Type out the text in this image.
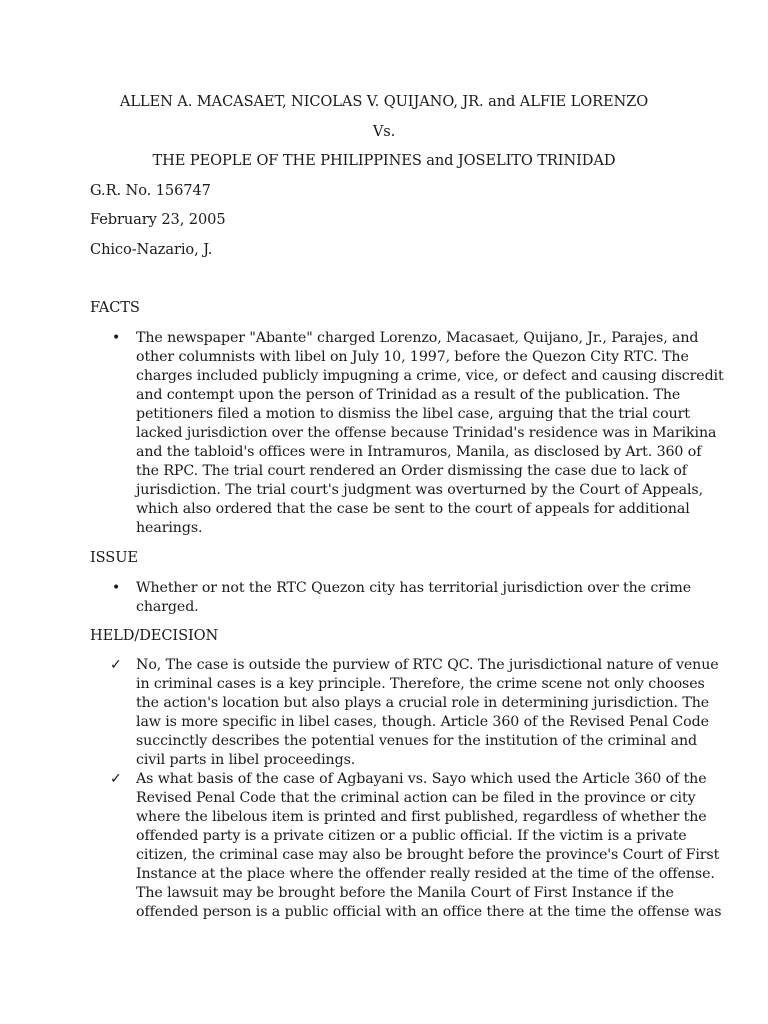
ALLEN A. MACASAET, NICOLAS V. QUIJANO, JR. and ALFIE LORENZO
Vs.
THE PEOPLE OF THE PHILIPPINES and JOSELITO TRINIDAD
G.R. No. 156747
February 23, 2005
Chico-Nazario, J.
FACTS
• The newspaper "Abante" charged Lorenzo, Macasaet, Quijano, Jr., Parajes, and
other columnists with libel on July 10, 1997, before the Quezon City RTC. The
charges included publicly impugning a crime, vice, or defect and causing discredit
and contempt upon the person of Trinidad as a result of the publication. The
petitioners filed a motion to dismiss the libel case, arguing that the trial court
lacked jurisdiction over the offense because Trinidad's residence was in Marikina
and the tabloid's offices were in Intramuros, Manila, as disclosed by Art. 360 of
the RPC. The trial court rendered an Order dismissing the case due to lack of
jurisdiction. The trial court's judgment was overturned by the Court of Appeals,
which also ordered that the case be sent to the court of appeals for additional
hearings.
ISSUE
• Whether or not the RTC Quezon city has territorial jurisdiction over the crime
charged.
HELD/DECISION
✓ No, The case is outside the purview of RTC QC. The jurisdictional nature of venue
in criminal cases is a key principle. Therefore, the crime scene not only chooses
the action's location but also plays a crucial role in determining jurisdiction. The
law is more specific in libel cases, though. Article 360 of the Revised Penal Code
succinctly describes the potential venues for the institution of the criminal and
civil parts in libel proceedings.
✓ As what basis of the case of Agbayani vs. Sayo which used the Article 360 of the
Revised Penal Code that the criminal action can be filed in the province or city
where the libelous item is printed and first published, regardless of whether the
offended party is a private citizen or a public official. If the victim is a private
citizen, the criminal case may also be brought before the province's Court of First
Instance at the place where the offender really resided at the time of the offense.
The lawsuit may be brought before the Manila Court of First Instance if the
offended person is a public official with an office there at the time the offense was
